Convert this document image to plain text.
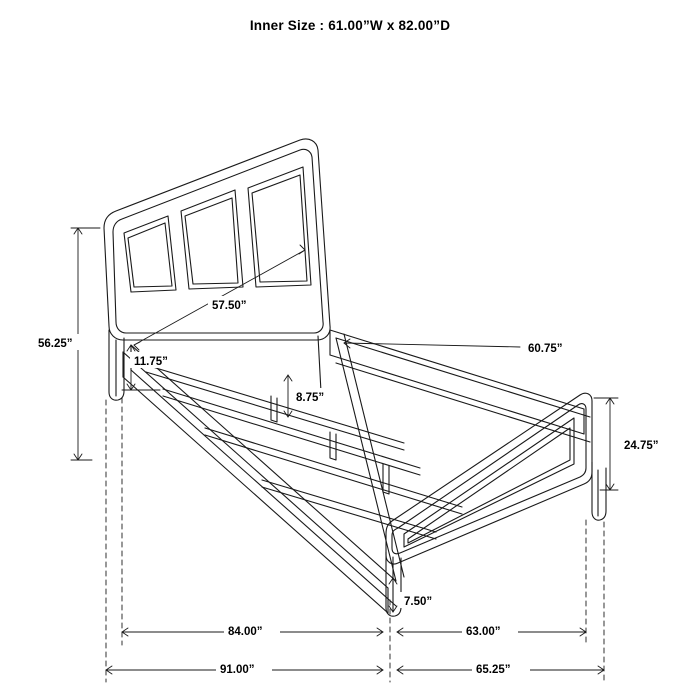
Inner Size : 61.00”W x 82.00”D
56.25”
57.50”
11.75”
8.75”
60.75”
24.75”
7.50”
84.00”	63.00”
91.00”	65.25”
